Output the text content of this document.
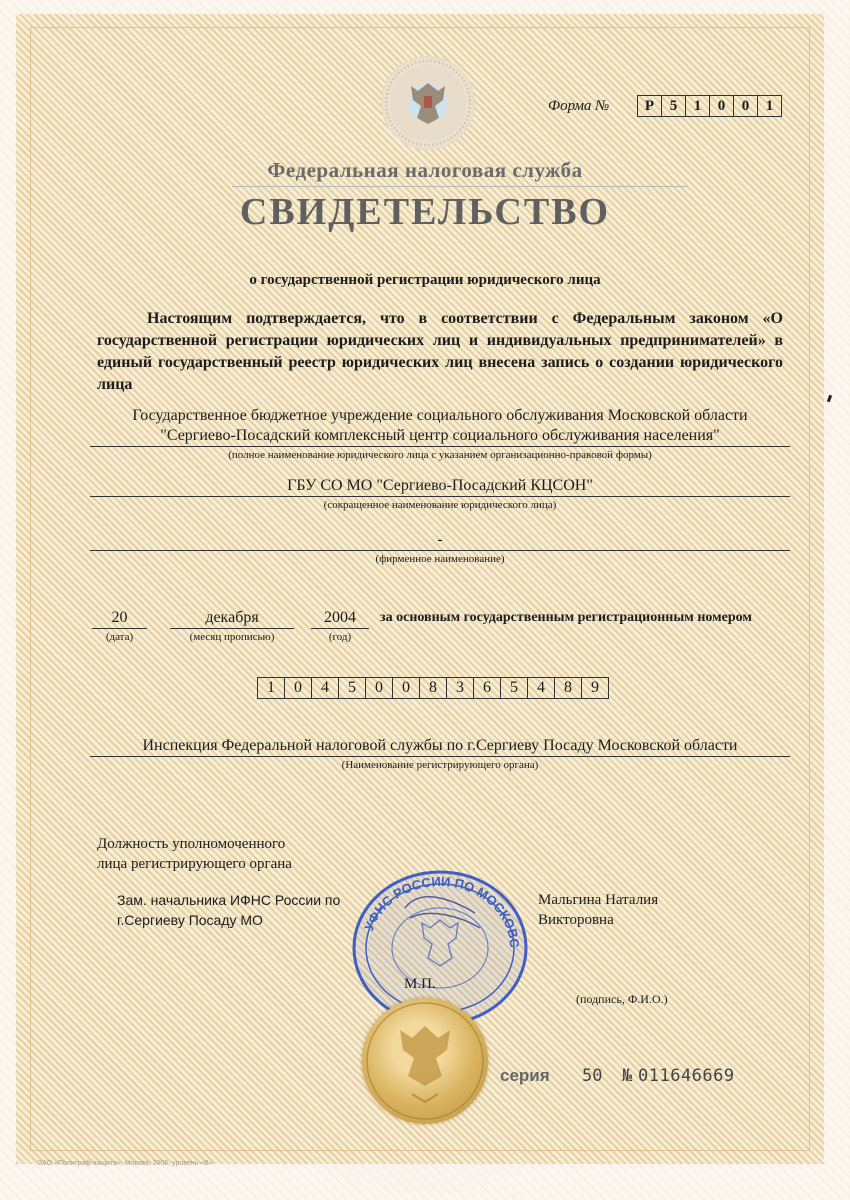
Форма №	Р	5	1	0	0	1
Федеральная налоговая служба
СВИДЕТЕЛЬСТВО
о государственной регистрации юридического лица
Настоящим подтверждается, что в соответствии с Федеральным законом «О государственной регистрации юридических лиц и индивидуальных предпринимателей» в единый государственный реестр юридических лиц внесена запись о создании юридического лица
Государственное бюджетное учреждение социального обслуживания Московской области
"Сергиево-Посадский комплексный центр социального обслуживания населения"
(полное наименование юридического лица с указанием организационно-правовой формы)
ГБУ СО МО "Сергиево-Посадский КЦСОН"
(сокращенное наименование юридического лица)
-
(фирменное наименование)
20
(дата)
декабря
(месяц прописью)
2004
(год)
за основным государственным регистрационным номером
1	0	4	5	0	0	8	3	6	5	4	8	9
Инспекция Федеральной налоговой службы по г.Сергиеву Посаду Московской области
(Наименование регистрирующего органа)
Должность уполномоченного
лица регистрирующего органа
Зам. начальника ИФНС России по
г.Сергиеву Посаду МО
Мальгина Наталия
Викторовна
УФНС РОССИИ ПО МОСКОВС
М.П.
(подпись, Ф.И.О.)
серия 50 № 011646669
ЗАО «Полиграф-защита», Москва, 2006, уровень «В»
